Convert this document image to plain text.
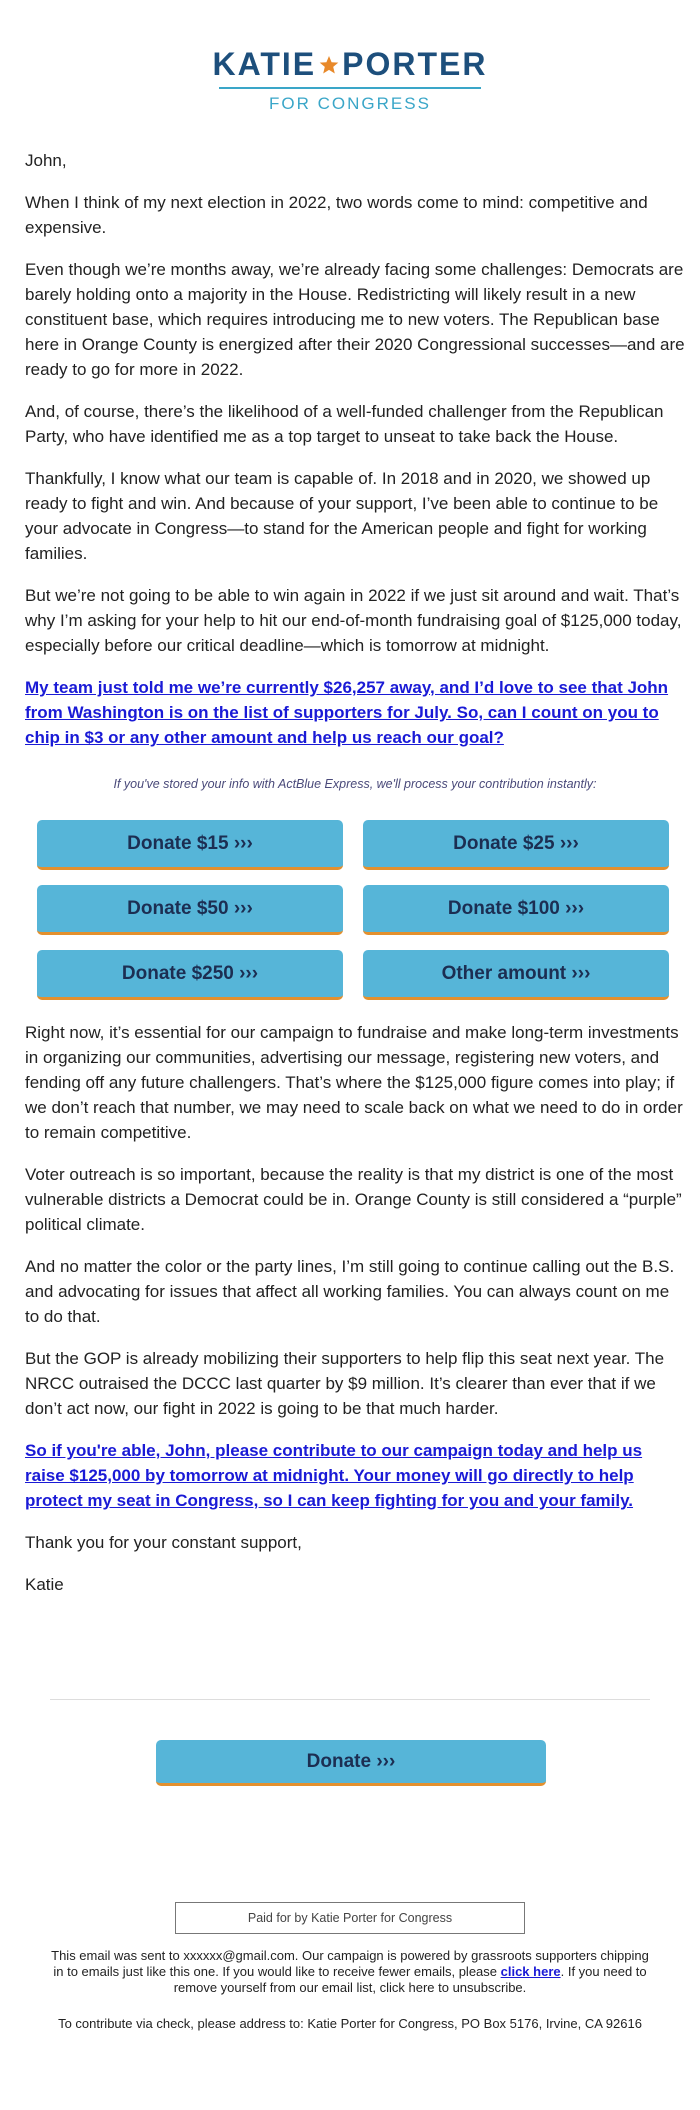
KATIE PORTER
FOR CONGRESS

John,

When I think of my next election in 2022, two words come to mind: competitive and expensive.

Even though we’re months away, we’re already facing some challenges: Democrats are barely holding onto a majority in the House. Redistricting will likely result in a new constituent base, which requires introducing me to new voters. The Republican base here in Orange County is energized after their 2020 Congressional successes—and are ready to go for more in 2022.

And, of course, there’s the likelihood of a well-funded challenger from the Republican Party, who have identified me as a top target to unseat to take back the House.

Thankfully, I know what our team is capable of. In 2018 and in 2020, we showed up ready to fight and win. And because of your support, I’ve been able to continue to be your advocate in Congress—to stand for the American people and fight for working families.

But we’re not going to be able to win again in 2022 if we just sit around and wait. That’s why I’m asking for your help to hit our end-of-month fundraising goal of $125,000 today, especially before our critical deadline—which is tomorrow at midnight.

My team just told me we’re currently $26,257 away, and I’d love to see that John from Washington is on the list of supporters for July. So, can I count on you to chip in $3 or any other amount and help us reach our goal?

If you've stored your info with ActBlue Express, we'll process your contribution instantly:
Donate $15 ›››	Donate $25 ›››
Donate $50 ›››	Donate $100 ›››
Donate $250 ›››	Other amount ›››

Right now, it’s essential for our campaign to fundraise and make long-term investments in organizing our communities, advertising our message, registering new voters, and fending off any future challengers. That’s where the $125,000 figure comes into play; if we don’t reach that number, we may need to scale back on what we need to do in order to remain competitive.

Voter outreach is so important, because the reality is that my district is one of the most vulnerable districts a Democrat could be in. Orange County is still considered a “purple” political climate.

And no matter the color or the party lines, I’m still going to continue calling out the B.S. and advocating for issues that affect all working families. You can always count on me to do that.

But the GOP is already mobilizing their supporters to help flip this seat next year. The NRCC outraised the DCCC last quarter by $9 million. It’s clearer than ever that if we don’t act now, our fight in 2022 is going to be that much harder.

So if you're able, John, please contribute to our campaign today and help us raise $125,000 by tomorrow at midnight. Your money will go directly to help protect my seat in Congress, so I can keep fighting for you and your family.

Thank you for your constant support,

Katie

Donate ›››
Paid for by Katie Porter for Congress
This email was sent to xxxxxx@gmail.com. Our campaign is powered by grassroots supporters chipping in to emails just like this one. If you would like to receive fewer emails, please click here. If you need to remove yourself from our email list, click here to unsubscribe.
To contribute via check, please address to: Katie Porter for Congress, PO Box 5176, Irvine, CA 92616
